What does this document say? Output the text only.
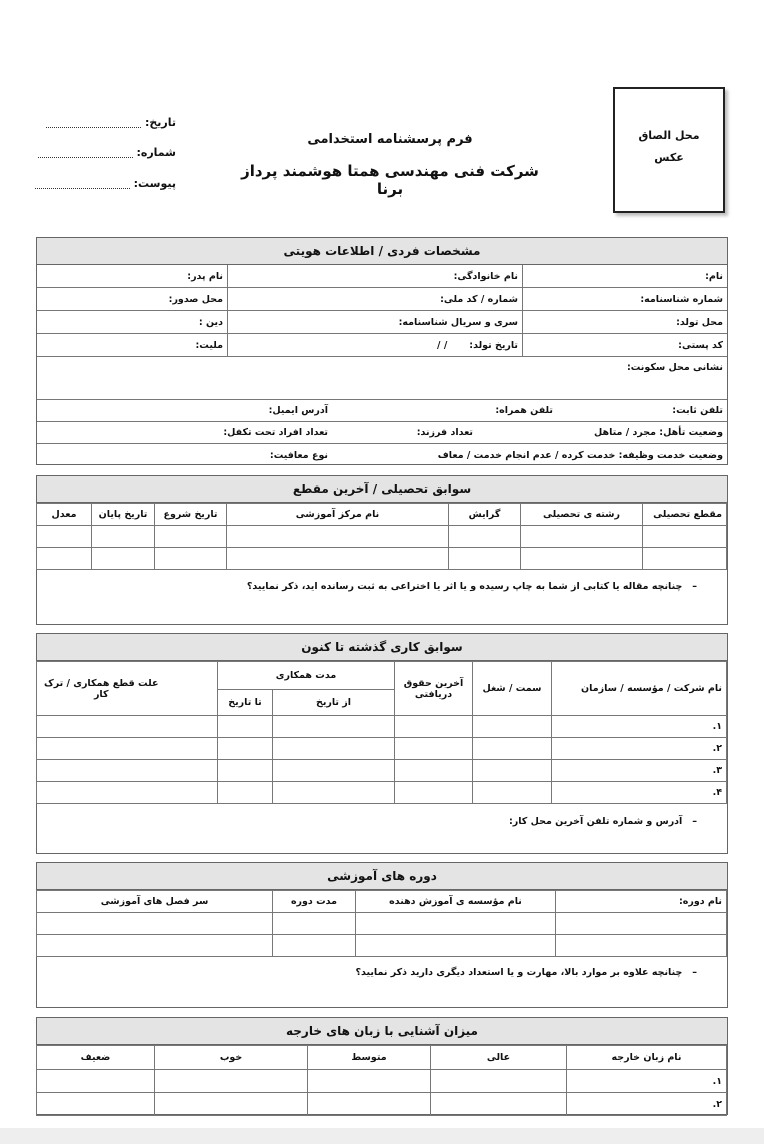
محل الصاق
عکس
فرم پرسشنامه استخدامی
شرکت فنی مهندسی همتا هوشمند پرداز برنا
تاریخ:
شماره:
پیوست:
مشخصات فردی / اطلاعات هویتی
نام:
نام خانوادگی:
نام پدر:
شماره شناسنامه:
شماره / کد ملی:
محل صدور:
محل تولد:
سری و سریال شناسنامه:
دین :
کد پستی:
تاریخ تولد:
/ /
ملیت:
نشانی محل سکونت:
تلفن ثابت:
تلفن همراه:
آدرس ایمیل:
وضعیت تأهل: مجرد / متاهل
تعداد فرزند:
تعداد افراد تحت تکفل:
وضعیت خدمت وظیفه: خدمت کرده / عدم انجام خدمت / معاف
نوع معافیت:
سوابق تحصیلی / آخرین مقطع
مقطع تحصیلی	رشته ی تحصیلی	گرایش	نام مرکز آموزشی	تاریخ شروع	تاریخ پایان	معدل

–   چنانچه مقاله یا کتابی از شما به چاپ رسیده و یا اثر یا اختراعی به ثبت رسانده اید، ذکر نمایید؟
سوابق کاری گذشته تا کنون
نام شرکت / مؤسسه / سازمان	سمت / شغل	آخرین حقوق دریافتی	مدت همکاری			علت قطع همکاری / ترک کار
			از تاریخ	تا تاریخ		
۱.						
۲.						
۳.						
۴.						
–   آدرس و شماره تلفن آخرین محل کار:
دوره های آموزشی
نام دوره:	نام مؤسسه ی آموزش دهنده	مدت دوره	سر فصل های آموزشی

–   چنانچه علاوه بر موارد بالا، مهارت و یا استعداد دیگری دارید ذکر نمایید؟
میزان آشنایی با زبان های خارجه
نام زبان خارجه	عالی	متوسط	خوب	ضعیف
۱.				
۲.				
